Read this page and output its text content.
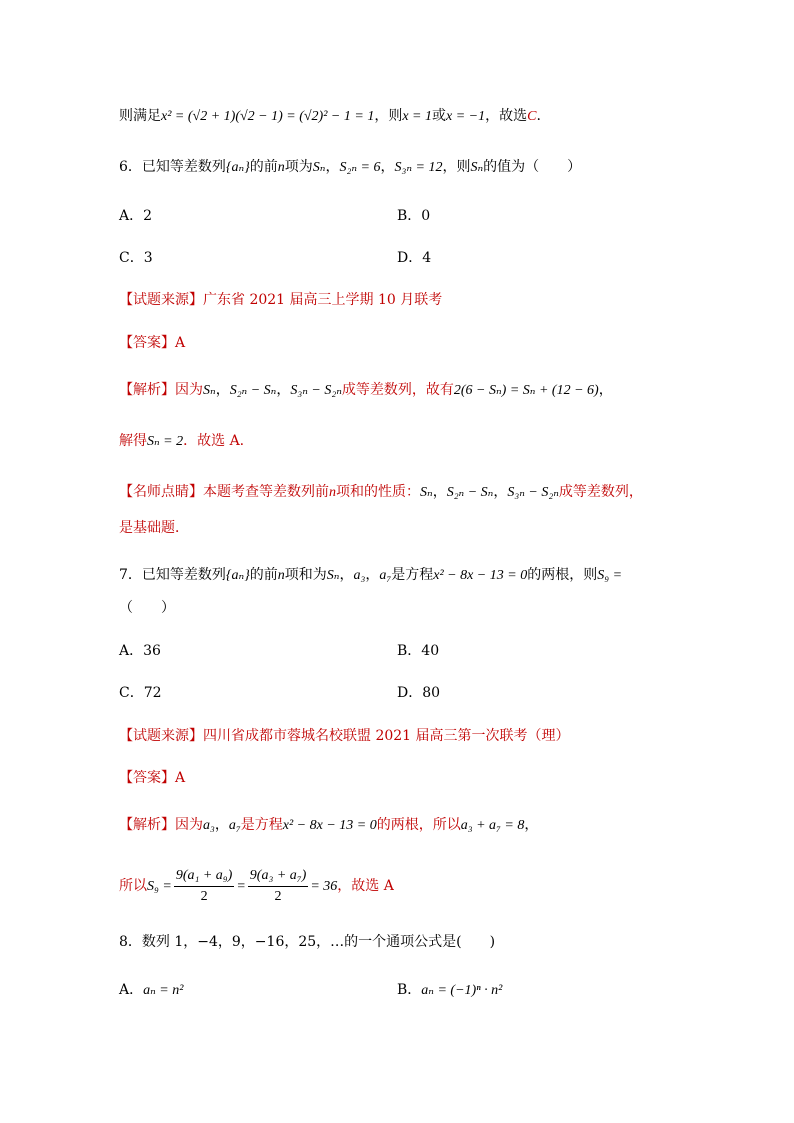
则满足x² = (√2 + 1)(√2 − 1) = (√2)² − 1 = 1，则x = 1或x = −1，故选C.
6．已知等差数列{aₙ}的前n项为Sₙ，S₂ₙ = 6，S₃ₙ = 12，则Sₙ的值为（　　）
A．2	B．0
C．3	D．4
【试题来源】广东省 2021 届高三上学期 10 月联考
【答案】A
【解析】因为Sₙ，S₂ₙ − Sₙ，S₃ₙ − S₂ₙ成等差数列，故有2(6 − Sₙ) = Sₙ + (12 − 6)，
解得Sₙ = 2．故选 A.
【名师点睛】本题考查等差数列前n项和的性质：Sₙ，S₂ₙ − Sₙ，S₃ₙ − S₂ₙ成等差数列，
是基础题．
7．已知等差数列{aₙ}的前n项和为Sₙ，a₃，a₇是方程x² − 8x − 13 = 0的两根，则S₉ =
（　　）
A．36	B．40
C．72	D．80
【试题来源】四川省成都市蓉城名校联盟 2021 届高三第一次联考（理）
【答案】A
【解析】因为a₃，a₇是方程x² − 8x − 13 = 0的两根，所以a₃ + a₇ = 8，
所以$S_9 = \frac{\text{9(a₁ + a₉)}}{2} = \frac{\text{9(a₃ + a₇)}}{2} = 36$，故选 A
8．数列 1，−4，9，−16，25，…的一个通项公式是(　　)
A．aₙ = n²	B．aₙ = (−1)ⁿ · n²
